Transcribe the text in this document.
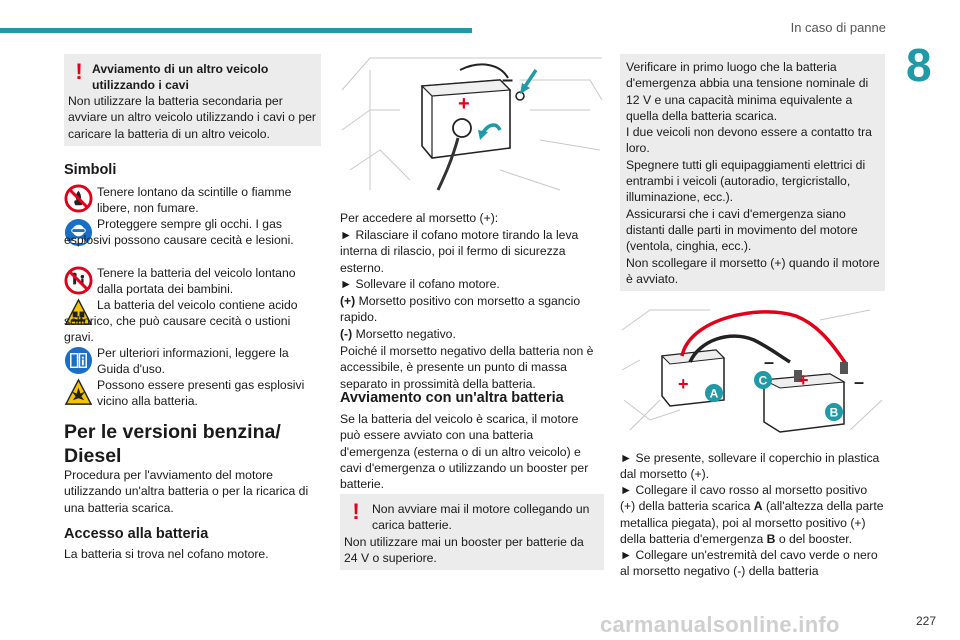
In caso di panne
8
! Avviamento di un altro veicolo utilizzando i cavi
Non utilizzare la batteria secondaria per avviare un altro veicolo utilizzando i cavi o per caricare la batteria di un altro veicolo.
Simboli
Tenere lontano da scintille o fiamme libere, non fumare.
Proteggere sempre gli occhi. I gas esplosivi possono causare cecità e lesioni.
Tenere la batteria del veicolo lontano dalla portata dei bambini.
La batteria del veicolo contiene acido solforico, che può causare cecità o ustioni gravi.
Per ulteriori informazioni, leggere la Guida d'uso.
Possono essere presenti gas esplosivi vicino alla batteria.
Per le versioni benzina/ Diesel
Procedura per l'avviamento del motore utilizzando un'altra batteria o per la ricarica di una batteria scarica.
Accesso alla batteria
La batteria si trova nel cofano motore.
+
–
Per accedere al morsetto (+):
► Rilasciare il cofano motore tirando la leva interna di rilascio, poi il fermo di sicurezza esterno.
► Sollevare il cofano motore.
(+) Morsetto positivo con morsetto a sgancio rapido.
(-) Morsetto negativo.
Poiché il morsetto negativo della batteria non è accessibile, è presente un punto di massa separato in prossimità della batteria.
Avviamento con un'altra batteria
Se la batteria del veicolo è scarica, il motore può essere avviato con una batteria d'emergenza (esterna o di un altro veicolo) e cavi d'emergenza o utilizzando un booster per batterie.
! Non avviare mai il motore collegando un carica batterie.
Non utilizzare mai un booster per batterie da 24 V o superiore.
Verificare in primo luogo che la batteria d'emergenza abbia una tensione nominale di 12 V e una capacità minima equivalente a quella della batteria scarica.
I due veicoli non devono essere a contatto tra loro.
Spegnere tutti gli equipaggiamenti elettrici di entrambi i veicoli (autoradio, tergicristallo, illuminazione, ecc.).
Assicurarsi che i cavi d'emergenza siano distanti dalle parti in movimento del motore (ventola, cinghia, ecc.).
Non scollegare il morsetto (+) quando il motore è avviato.
+	+
–
–
A
C
B
► Se presente, sollevare il coperchio in plastica dal morsetto (+).
► Collegare il cavo rosso al morsetto positivo (+) della batteria scarica A (all'altezza della parte metallica piegata), poi al morsetto positivo (+) della batteria d'emergenza B o del booster.
► Collegare un'estremità del cavo verde o nero al morsetto negativo (-) della batteria
carmanualsonline.info	227
